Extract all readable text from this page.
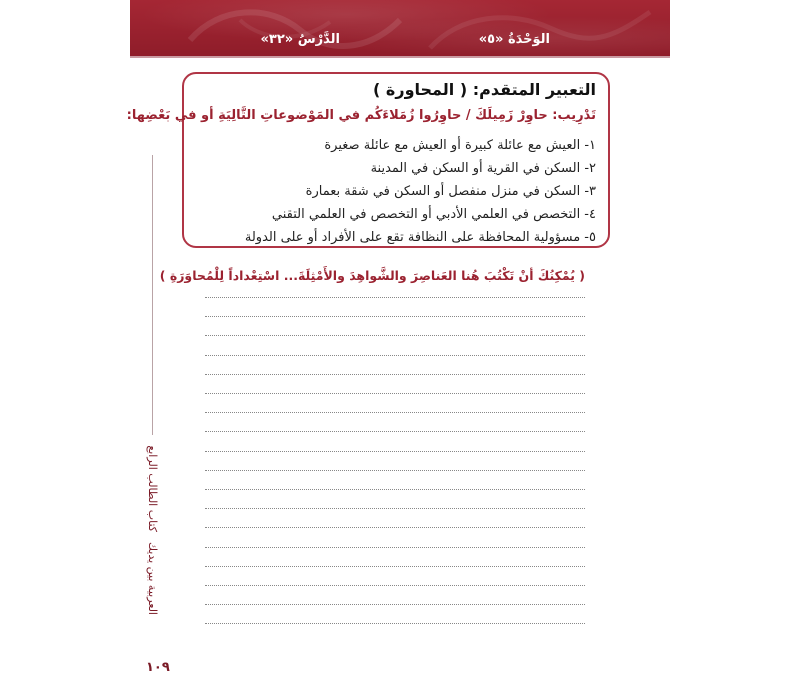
الوَحْدَةُ «٥»
الدَّرْسُ «٣٢»
العربية بين يديك
كتاب الطالب الرابع
١٠٩
التعبير المتقدم: ( المحاورة )
تَدْرِيب: حاوِرْ زَمِيلَكَ / حاوِرُوا زُمَلاءَكُم في المَوْضوعاتِ التَّالِيَةِ أو في بَعْضِها:
١- العيش مع عائلة كبيرة أو العيش مع عائلة صغيرة
٢- السكن في القرية أو السكن في المدينة
٣- السكن في منزل منفصل أو السكن في شقة بعمارة
٤- التخصص في العلمي الأدبي أو التخصص في العلمي التقني
٥- مسؤولية المحافظة على النظافة تقع على الأفراد أو على الدولة
( يُمْكِنُكَ أنْ تَكْتُبَ هُنا العَناصِرَ والشَّواهِدَ والأَمْثِلَةَ... اسْتِعْداداً لِلْمُحاوَرَةِ )
